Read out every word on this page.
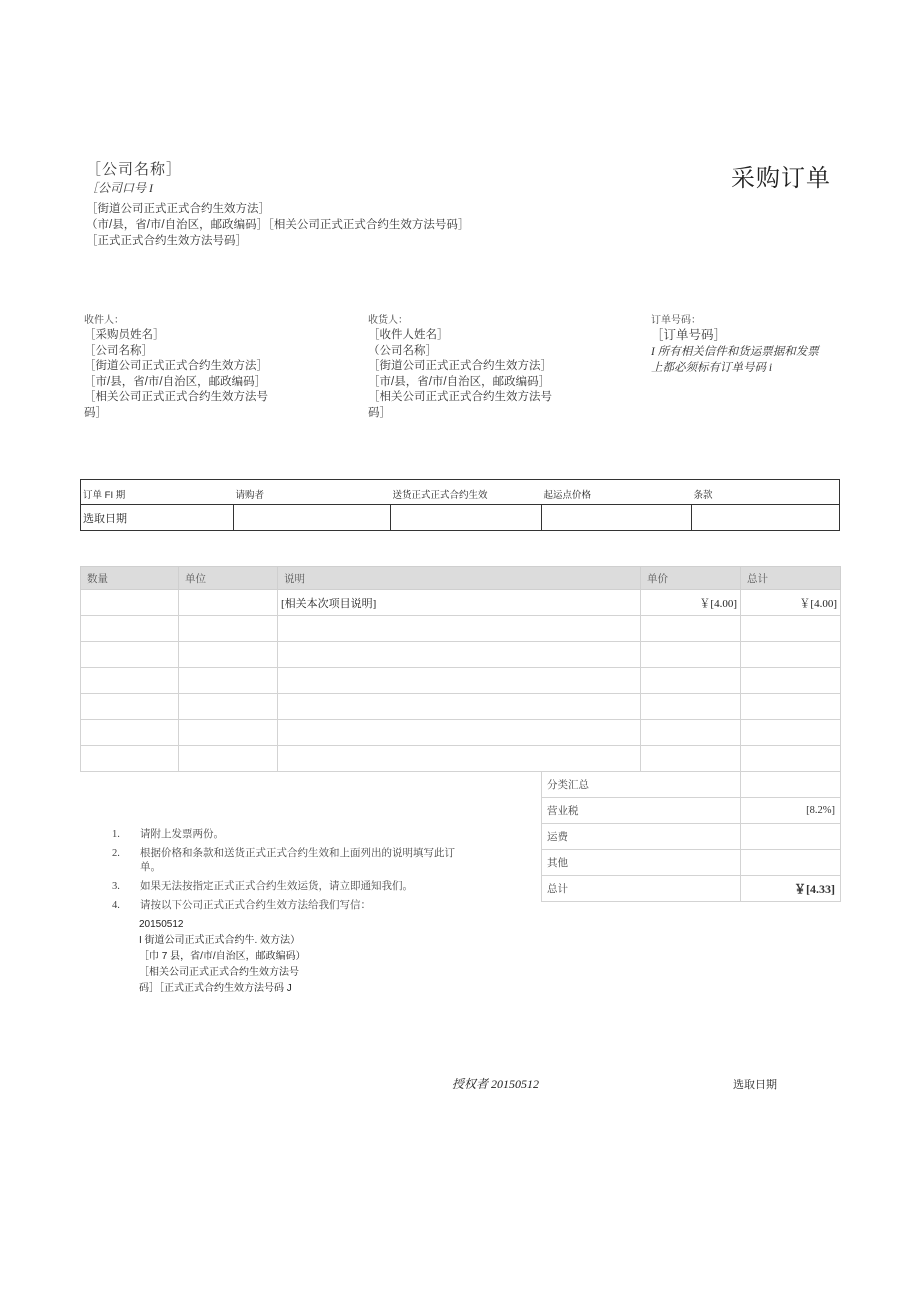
［公司名称］
［公司口号 I
［街道公司正式正式合约生效方法］
（市/县，省/市/自治区，邮政编码］［相关公司正式正式合约生效方法号码］
［正式正式合约生效方法号码］
采购订单
收件人：
［采购员姓名］
［公司名称］
［街道公司正式正式合约生效方法］
［市/县，省/市/自治区，邮政编码］
［相关公司正式正式合约生效方法号
码］
收货人：
［收件人姓名］
（公司名称］
［街道公司正式正式合约生效方法］
［市/县，省/市/自治区，邮政编码］
［相关公司正式正式合约生效方法号
码］
订单号码：
［订单号码］
I 所有相关信件和货运票据和发票
上都必须标有订单号码 i
订单 FI 期	请购者	送货正式正式合约生效	起运点价格	条款
选取日期				
数量	单位	说明	单价	总计
		[相关本次项目说明]	￥[4.00]	￥[4.00]

分类汇总	
营业税	[8.2%]
运费	
其他	
总计	￥[4.33]
1.	请附上发票两份。
2.	根据价格和条款和送货正式正式合约生效和上面列出的说明填写此订单。
3.	如果无法按指定正式正式合约生效运货，请立即通知我们。
4.	请按以下公司正式正式合约生效方法给我们写信：
20150512
I 街道公司正式正式合约牛. 效方法）
［巾 7 县，省/市/自治区，邮政编码）
［相关公司正式正式合约生效方法号
码］［正式正式合约生效方法号码 J
授权者 20150512	选取日期
